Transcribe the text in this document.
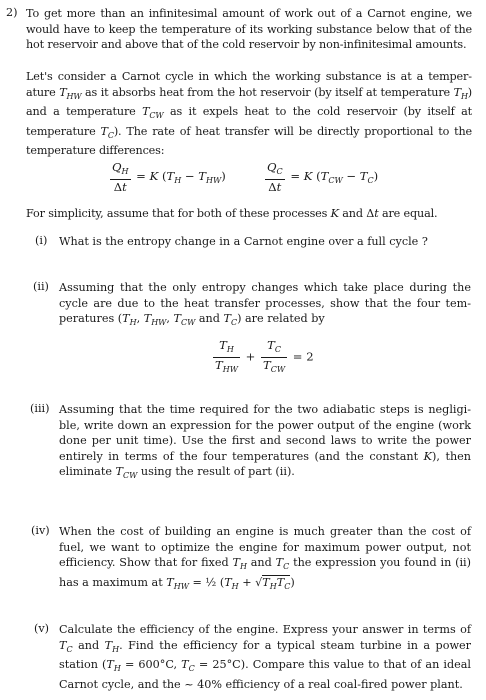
2) To get more than an infinitesimal amount of work out of a Carnot engine, we would have to keep the temperature of its working substance below that of the hot reservoir and above that of the cold reservoir by non-infinitesimal amounts.
Let's consider a Carnot cycle in which the working substance is at a temperature $T_{HW}$ as it absorbs heat from the hot reservoir (by itself at temperature $T_H$) and a temperature $T_{CW}$ as it expels heat to the cold reservoir (by itself at temperature $T_C$). The rate of heat transfer will be directly proportional to the temperature differences:
$\frac{Q_H}{\Delta t} = K$ $(T_H - T_{HW})$	$\frac{Q_C}{\Delta t} = K$ $(T_{CW} - T_C)$
For simplicity, assume that for both of these processes K and Δt are equal.
(i) What is the entropy change in a Carnot engine over a full cycle ?
(ii) Assuming that the only entropy changes which take place during the cycle are due to the heat transfer processes, show that the four temperatures ($T_H$, $T_{HW}$, $T_{CW}$ and $T_C$) are related by
$\frac{T_H}{T_{HW}} + \frac{T_C}{T_{CW}} = 2$
(iii) Assuming that the time required for the two adiabatic steps is negligible, write down an expression for the power output of the engine (work done per unit time). Use the first and second laws to write the power entirely in terms of the four temperatures (and the constant K), then eliminate $T_{CW}$ using the result of part (ii).
(iv) When the cost of building an engine is much greater than the cost of fuel, we want to optimize the engine for maximum power output, not efficiency. Show that for fixed $T_H$ and $T_C$ the expression you found in (ii) has a maximum at $T_{HW}$ = ½ $(T_H + √T_HT_C)$
(v) Calculate the efficiency of the engine. Express your answer in terms of $T_C$ and $T_H$. Find the efficiency for a typical steam turbine in a power station ($T_H = 600^\circ C$, $T_C = 25^\circ C$). Compare this value to that of an ideal Carnot cycle, and the ~ 40% efficiency of a real coal-fired power plant.
